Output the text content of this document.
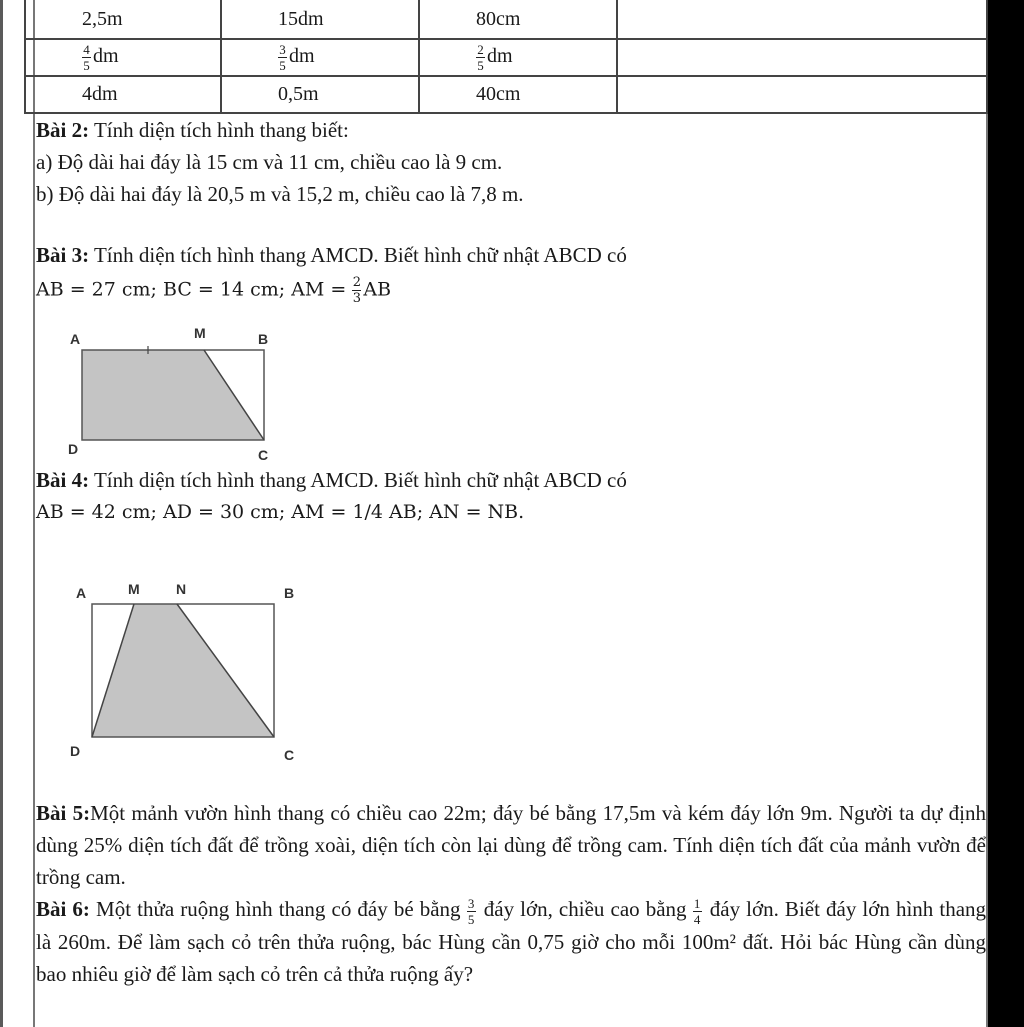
2,5m	15dm	80cm	

$\frac{4}{5}$ dm	$\frac{3}{5}$ dm	$\frac{2}{5}$ dm	
4dm	0,5m	40cm	
Bài 2: Tính diện tích hình thang biết:
a) Độ dài hai đáy là 15 cm và 11 cm, chiều cao là 9 cm.
b) Độ dài hai đáy là 20,5 m và 15,2 m, chiều cao là 7,8 m.
Bài 3: Tính diện tích hình thang AMCD. Biết hình chữ nhật ABCD có
AB = 27 cm; BC = 14 cm; AM = $\frac{2}{3}$ AB
A	M	B
D	C
Bài 4: Tính diện tích hình thang AMCD. Biết hình chữ nhật ABCD có
AB = 42 cm; AD = 30 cm; AM = 1/4 AB; AN = NB.
A	M	N	B
D	C

Bài 5:Một mảnh vườn hình thang có chiều cao 22m; đáy bé bằng 17,5m và kém đáy lớn 9m. Người ta dự định dùng 25% diện tích đất để trồng xoài, diện tích còn lại dùng để trồng cam. Tính diện tích đất của mảnh vườn để trồng cam.

Bài 6: Một thửa ruộng hình thang có đáy bé bằng $\frac{3}{5}$ đáy lớn, chiều cao bằng $\frac{1}{4}$ đáy lớn. Biết đáy lớn hình thang là 260m. Để làm sạch cỏ trên thửa ruộng, bác Hùng cần 0,75 giờ cho mỗi 100m² đất. Hỏi bác Hùng cần dùng bao nhiêu giờ để làm sạch cỏ trên cả thửa ruộng ấy?
